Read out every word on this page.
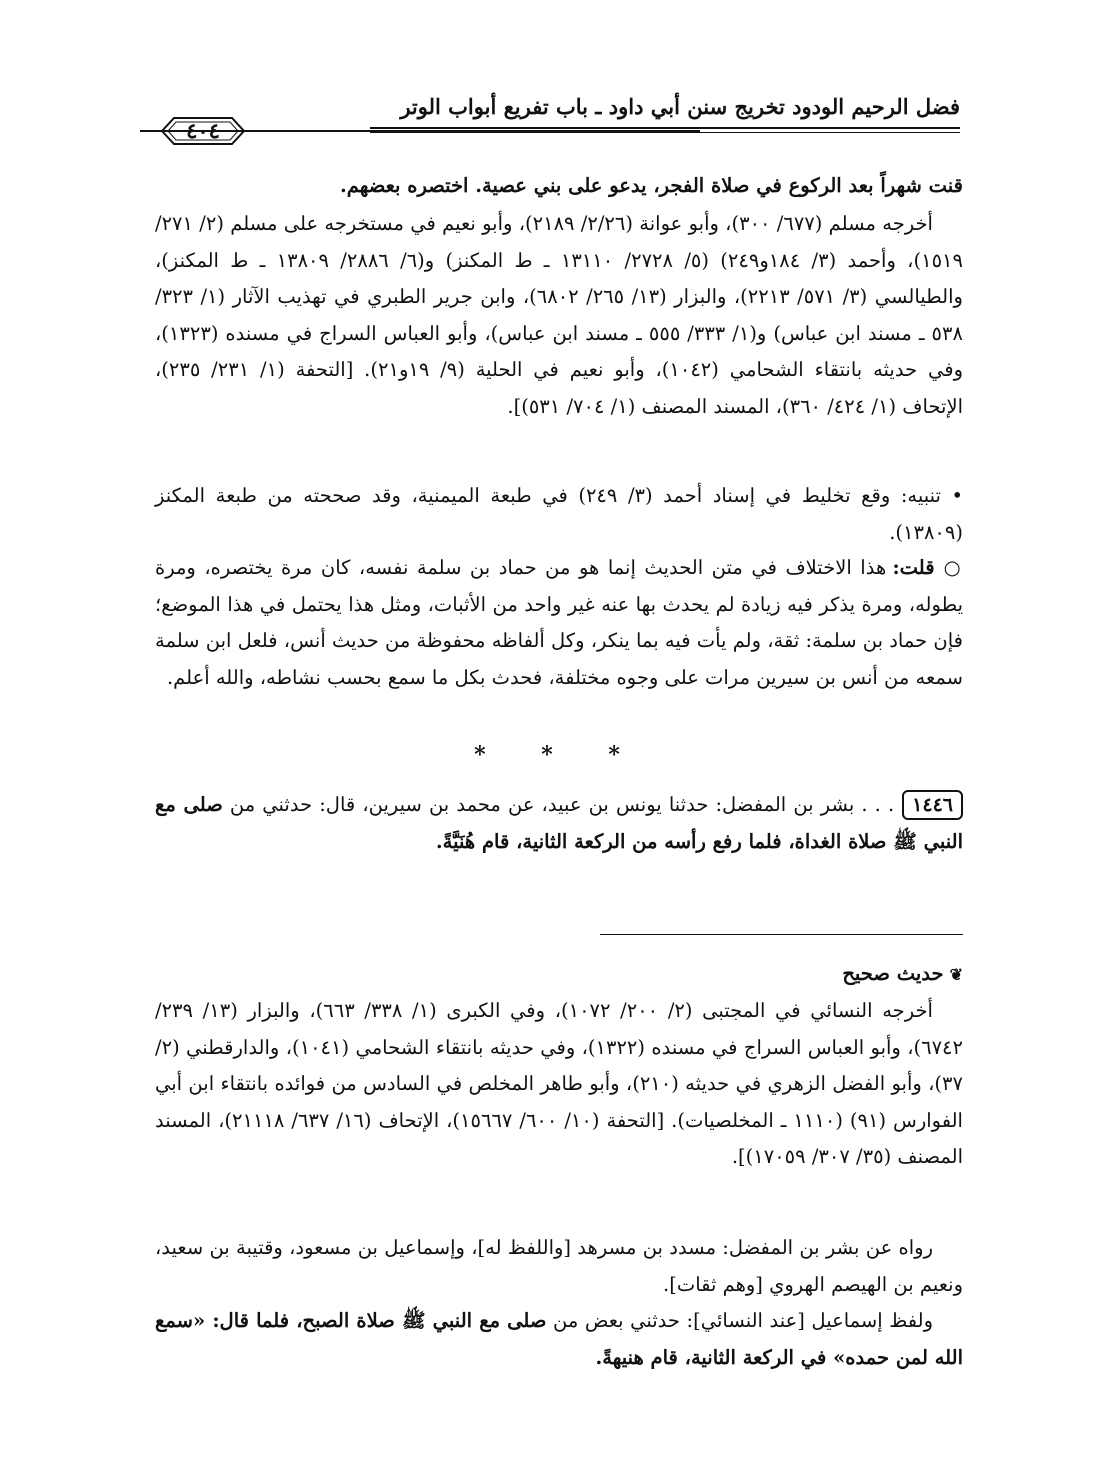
فضل الرحيم الودود تخريج سنن أبي داود ـ باب تفريع أبواب الوتر
٤٠٤

قنت شهراً بعد الركوع في صلاة الفجر، يدعو على بني عصية. اختصره بعضهم.

أخرجه مسلم (٦٧٧/ ٣٠٠)، وأبو عوانة (٢/٢٦/ ٢١٨٩)، وأبو نعيم في مستخرجه على مسلم (٢/ ٢٧١/ ١٥١٩)، وأحمد (٣/ ١٨٤و٢٤٩) (٥/ ٢٧٢٨/ ١٣١١٠ ـ ط المكنز) و(٦/ ٢٨٨٦/ ١٣٨٠٩ ـ ط المكنز)، والطيالسي (٣/ ٥٧١/ ٢٢١٣)، والبزار (١٣/ ٢٦٥/ ٦٨٠٢)، وابن جرير الطبري في تهذيب الآثار (١/ ٣٢٣/ ٥٣٨ ـ مسند ابن عباس) و(١/ ٣٣٣/ ٥٥٥ ـ مسند ابن عباس)، وأبو العباس السراج في مسنده (١٣٢٣)، وفي حديثه بانتقاء الشحامي (١٠٤٢)، وأبو نعيم في الحلية (٩/ ١٩و٢١). [التحفة (١/ ٢٣١/ ٢٣٥)، الإتحاف (١/ ٤٢٤/ ٣٦٠)، المسند المصنف (١/ ٧٠٤/ ٥٣١)].

• تنبيه: وقع تخليط في إسناد أحمد (٣/ ٢٤٩) في طبعة الميمنية، وقد صححته من طبعة المكنز (١٣٨٠٩).

○ قلت: هذا الاختلاف في متن الحديث إنما هو من حماد بن سلمة نفسه، كان مرة يختصره، ومرة يطوله، ومرة يذكر فيه زيادة لم يحدث بها عنه غير واحد من الأثبات، ومثل هذا يحتمل في هذا الموضع؛ فإن حماد بن سلمة: ثقة، ولم يأت فيه بما ينكر، وكل ألفاظه محفوظة من حديث أنس، فلعل ابن سلمة سمعه من أنس بن سيرين مرات على وجوه مختلفة، فحدث بكل ما سمع بحسب نشاطه، والله أعلم.

* * *

١٤٤٦. . . بشر بن المفضل: حدثنا يونس بن عبيد، عن محمد بن سيرين، قال: حدثني من صلى مع النبي ﷺ صلاة الغداة، فلما رفع رأسه من الركعة الثانية، قام هُنَيَّةً.

❦حديث صحيح

أخرجه النسائي في المجتبى (٢/ ٢٠٠/ ١٠٧٢)، وفي الكبرى (١/ ٣٣٨/ ٦٦٣)، والبزار (١٣/ ٢٣٩/ ٦٧٤٢)، وأبو العباس السراج في مسنده (١٣٢٢)، وفي حديثه بانتقاء الشحامي (١٠٤١)، والدارقطني (٢/ ٣٧)، وأبو الفضل الزهري في حديثه (٢١٠)، وأبو طاهر المخلص في السادس من فوائده بانتقاء ابن أبي الفوارس (٩١) (١١١٠ ـ المخلصيات). [التحفة (١٠/ ٦٠٠/ ١٥٦٦٧)، الإتحاف (١٦/ ٦٣٧/ ٢١١١٨)، المسند المصنف (٣٥/ ٣٠٧/ ١٧٠٥٩)].

رواه عن بشر بن المفضل: مسدد بن مسرهد [واللفظ له]، وإسماعيل بن مسعود، وقتيبة بن سعيد، ونعيم بن الهيصم الهروي [وهم ثقات].

ولفظ إسماعيل [عند النسائي]: حدثني بعض من صلى مع النبي ﷺ صلاة الصبح، فلما قال: «سمع الله لمن حمده» في الركعة الثانية، قام هنيهةً.
